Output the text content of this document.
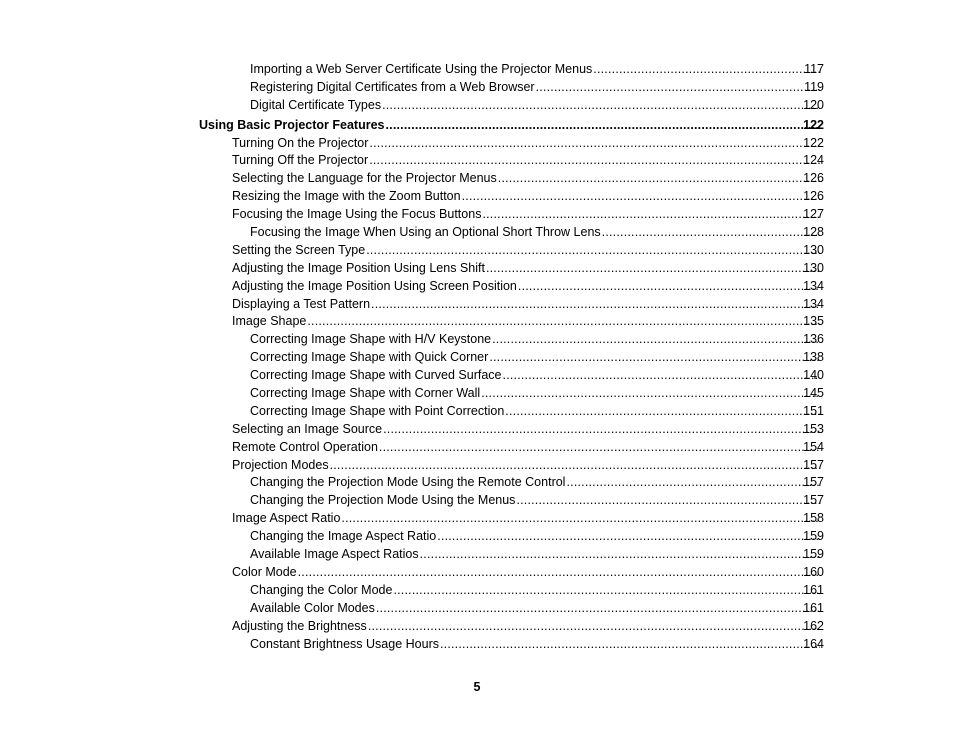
Importing a Web Server Certificate Using the Projector Menus .....	117
Registering Digital Certificates from a Web Browser .....	119
Digital Certificate Types .....	120
Using Basic Projector Features .....	122
Turning On the Projector .....	122
Turning Off the Projector .....	124
Selecting the Language for the Projector Menus .....	126
Resizing the Image with the Zoom Button .....	126
Focusing the Image Using the Focus Buttons .....	127
Focusing the Image When Using an Optional Short Throw Lens .....	128
Setting the Screen Type .....	130
Adjusting the Image Position Using Lens Shift .....	130
Adjusting the Image Position Using Screen Position .....	134
Displaying a Test Pattern .....	134
Image Shape .....	135
Correcting Image Shape with H/V Keystone .....	136
Correcting Image Shape with Quick Corner .....	138
Correcting Image Shape with Curved Surface .....	140
Correcting Image Shape with Corner Wall .....	145
Correcting Image Shape with Point Correction .....	151
Selecting an Image Source .....	153
Remote Control Operation .....	154
Projection Modes .....	157
Changing the Projection Mode Using the Remote Control .....	157
Changing the Projection Mode Using the Menus .....	157
Image Aspect Ratio .....	158
Changing the Image Aspect Ratio .....	159
Available Image Aspect Ratios .....	159
Color Mode .....	160
Changing the Color Mode .....	161
Available Color Modes .....	161
Adjusting the Brightness .....	162
Constant Brightness Usage Hours .....	164
5
